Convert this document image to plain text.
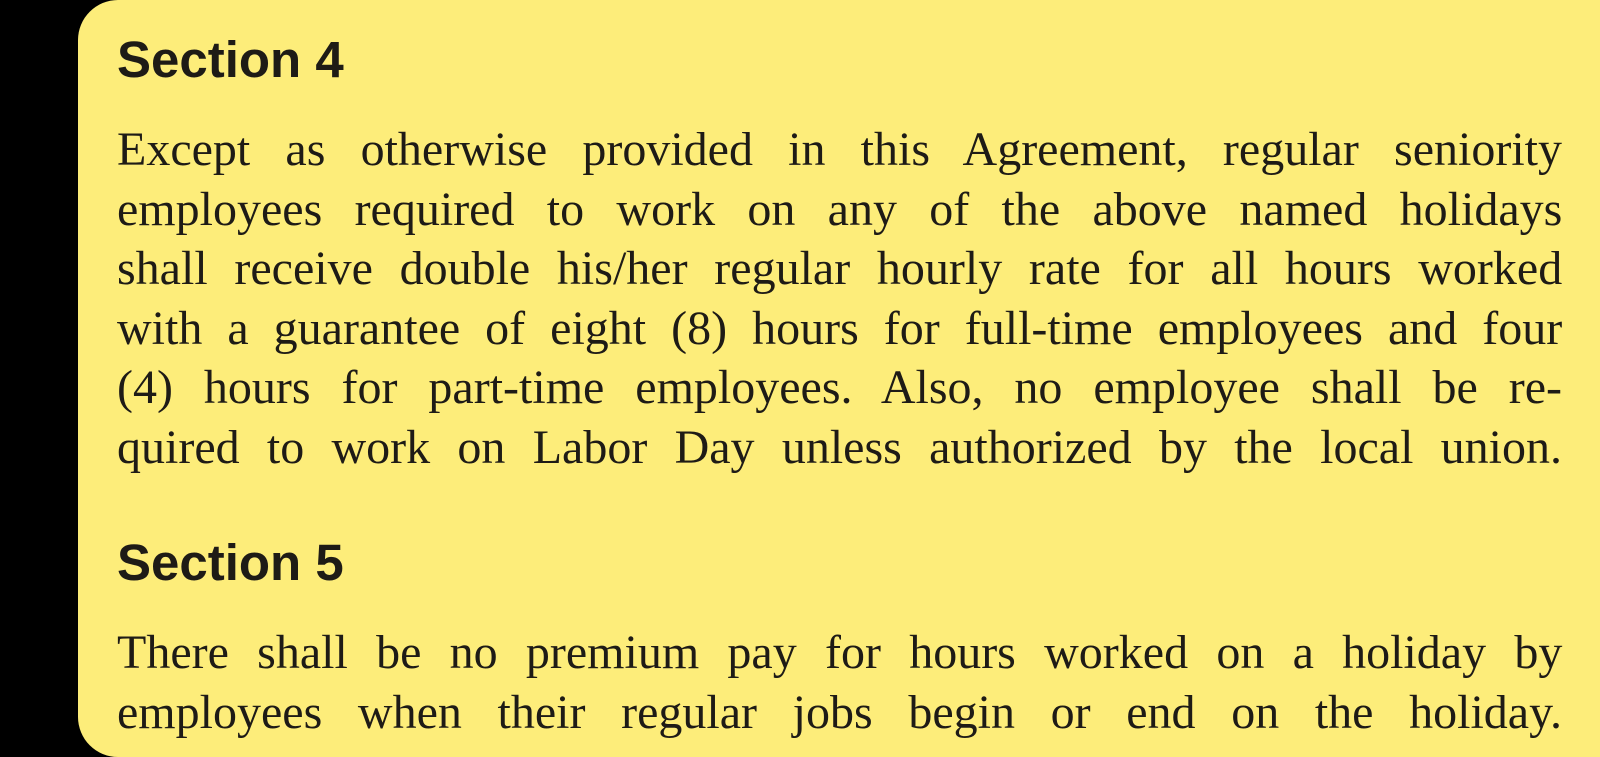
Section 4
Except as otherwise provided in this Agreement, regular seniority
employees required to work on any of the above named holidays
shall receive double his/her regular hourly rate for all hours worked
with a guarantee of eight (8) hours for full-time employees and four
(4) hours for part-time employees. Also, no employee shall be re-
quired to work on Labor Day unless authorized by the local union.
Section 5
There shall be no premium pay for hours worked on a holiday by
employees when their regular jobs begin or end on the holiday.
